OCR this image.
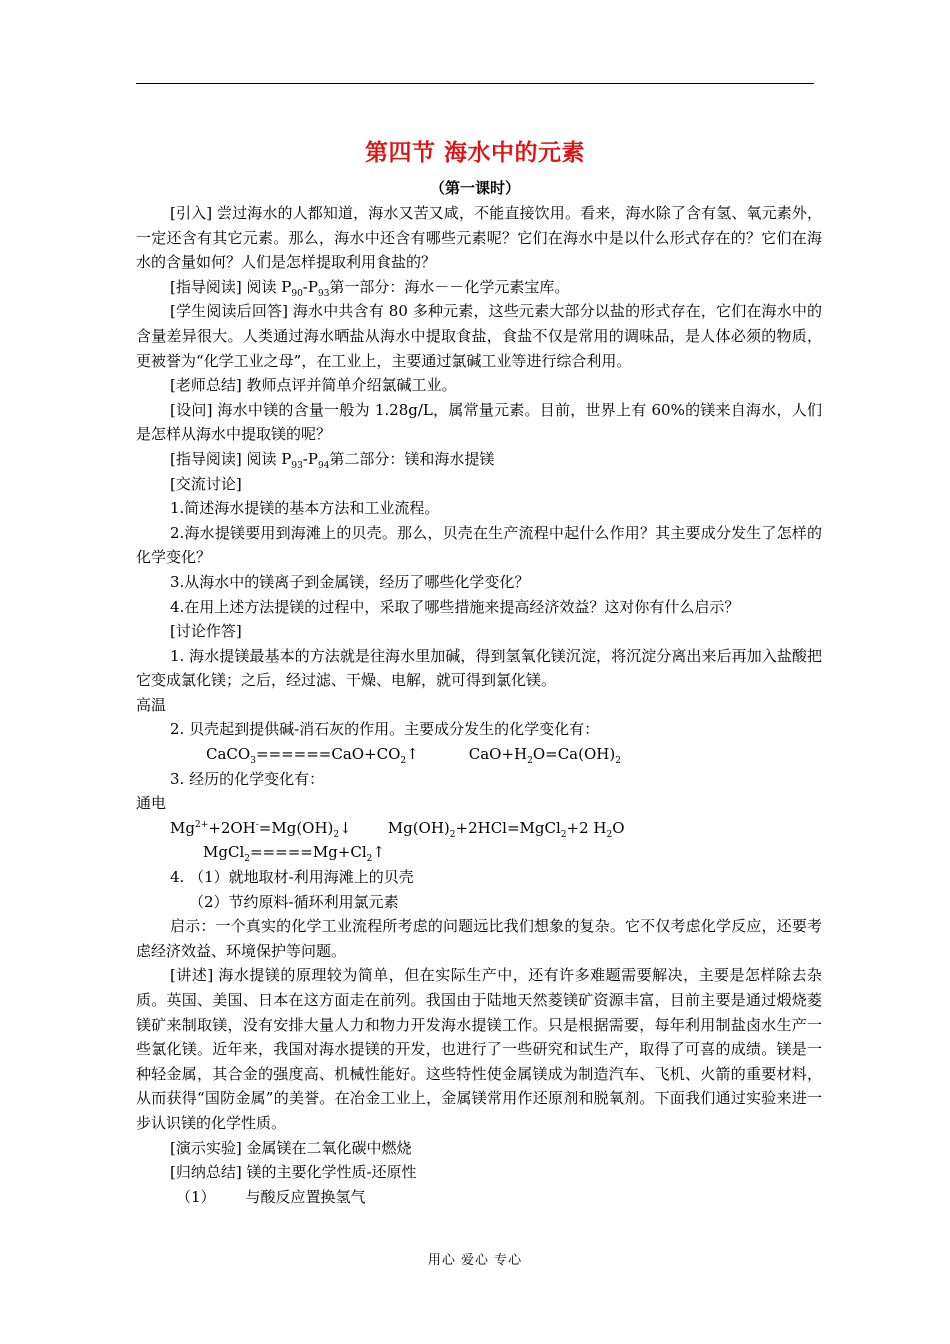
第四节 海水中的元素
（第一课时）

[引入] 尝过海水的人都知道，海水又苦又咸，不能直接饮用。看来，海水除了含有氢、氧元素外，一定还含有其它元素。那么，海水中还含有哪些元素呢？它们在海水中是以什么形式存在的？它们在海水的含量如何？人们是怎样提取利用食盐的？

[指导阅读] 阅读 $P_{90}-P_{93}$第一部分：海水－－化学元素宝库。

[学生阅读后回答] 海水中共含有 80 多种元素，这些元素大部分以盐的形式存在，它们在海水中的含量差异很大。人类通过海水晒盐从海水中提取食盐，食盐不仅是常用的调味品，是人体必须的物质，更被誉为“化学工业之母”，在工业上，主要通过氯碱工业等进行综合利用。

[老师总结] 教师点评并简单介绍氯碱工业。

[设问] 海水中镁的含量一般为 1.28g/L，属常量元素。目前，世界上有 60%的镁来自海水，人们是怎样从海水中提取镁的呢？

[指导阅读] 阅读 $P_{93}-P_{94}$第二部分：镁和海水提镁

[交流讨论]

1.简述海水提镁的基本方法和工业流程。

2.海水提镁要用到海滩上的贝壳。那么，贝壳在生产流程中起什么作用？其主要成分发生了怎样的化学变化？

3.从海水中的镁离子到金属镁，经历了哪些化学变化？

4.在用上述方法提镁的过程中，采取了哪些措施来提高经济效益？这对你有什么启示？

[讨论作答]

1. 海水提镁最基本的方法就是往海水里加碱，得到氢氧化镁沉淀，将沉淀分离出来后再加入盐酸把它变成氯化镁；之后，经过滤、干燥、电解，就可得到氯化镁。

高温

2. 贝壳起到提供碱-消石灰的作用。主要成分发生的化学变化有：

$CaCO_3======CaO+CO_2↑$	$CaO+H_2O=Ca(OH)_2$

3. 经历的化学变化有：

通电

$Mg^{2+}+2OH^-=Mg(OH)_2↓$ $Mg(OH)_2+2HCl=MgCl_2+2$ $H_2O$

$MgCl_2=====Mg+Cl_2↑$

4. （1）就地取材-利用海滩上的贝壳

（2）节约原料-循环利用氯元素

启示：一个真实的化学工业流程所考虑的问题远比我们想象的复杂。它不仅考虑化学反应，还要考虑经济效益、环境保护等问题。

[讲述] 海水提镁的原理较为简单，但在实际生产中，还有许多难题需要解决，主要是怎样除去杂质。英国、美国、日本在这方面走在前列。我国由于陆地天然菱镁矿资源丰富，目前主要是通过煅烧菱镁矿来制取镁，没有安排大量人力和物力开发海水提镁工作。只是根据需要，每年利用制盐卤水生产一些氯化镁。近年来，我国对海水提镁的开发，也进行了一些研究和试生产，取得了可喜的成绩。镁是一种轻金属，其合金的强度高、机械性能好。这些特性使金属镁成为制造汽车、飞机、火箭的重要材料，从而获得“国防金属”的美誉。在冶金工业上，金属镁常用作还原剂和脱氧剂。下面我们通过实验来进一步认识镁的化学性质。

[演示实验] 金属镁在二氧化碳中燃烧

[归纳总结] 镁的主要化学性质-还原性

（1） 与酸反应置换氢气

用心 爱心 专心
